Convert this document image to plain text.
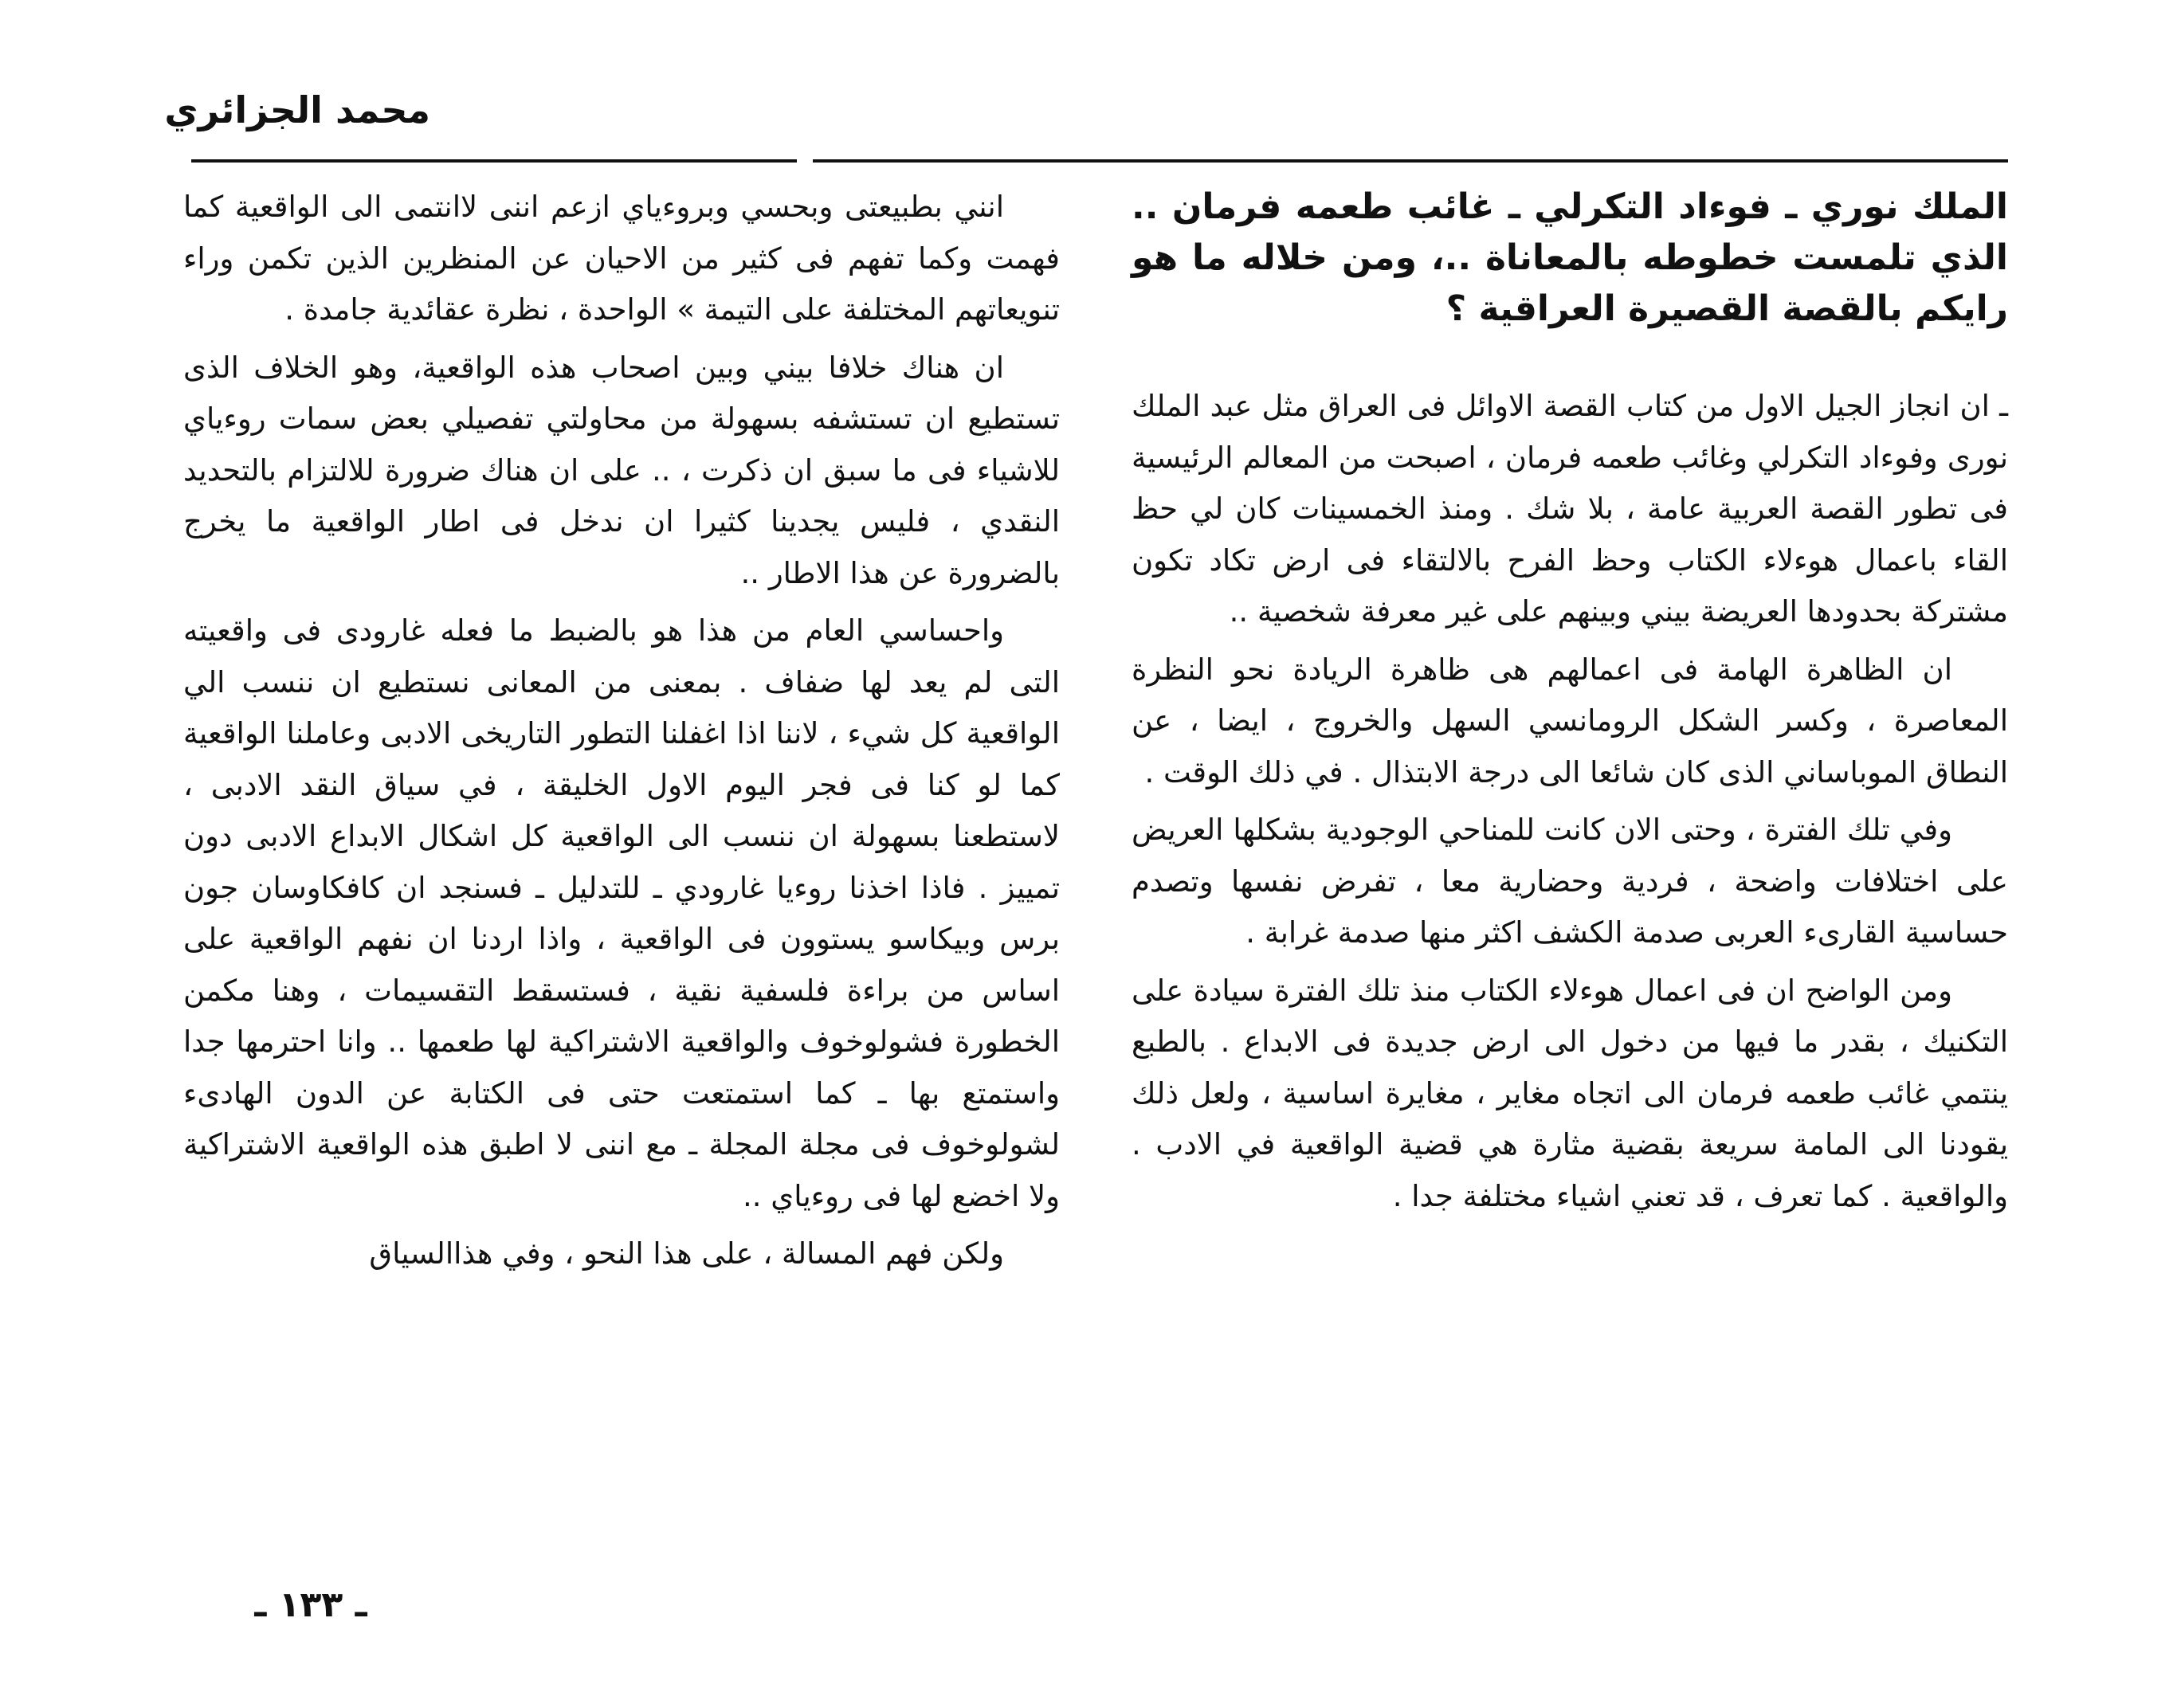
محمد الجزائري

الملك نوري ـ فوءاد التكرلي ـ غائب طعمه فرمان .. الذي تلمست خطوطه بالمعاناة ..، ومن خلاله ما هو رايكم بالقصة القصيرة العراقية ؟

ـ ان انجاز الجيل الاول من كتاب القصة الاوائل فى العراق مثل عبد الملك نورى وفوءاد التكرلي وغائب طعمه فرمان ، اصبحت من المعالم الرئيسية فى تطور القصة العربية عامة ، بلا شك . ومنذ الخمسينات كان لي حظ القاء باعمال هوءلاء الكتاب وحظ الفرح بالالتقاء فى ارض تكاد تكون مشتركة بحدودها العريضة بيني وبينهم على غير معرفة شخصية ..

ان الظاهرة الهامة فى اعمالهم هى ظاهرة الريادة نحو النظرة المعاصرة ، وكسر الشكل الرومانسي السهل والخروج ، ايضا ، عن النطاق الموباساني الذى كان شائعا الى درجة الابتذال . في ذلك الوقت .

وفي تلك الفترة ، وحتى الان كانت للمناحي الوجودية بشكلها العريض على اختلافات واضحة ، فردية وحضارية معا ، تفرض نفسها وتصدم حساسية القارىء العربى صدمة الكشف اكثر منها صدمة غرابة .

ومن الواضح ان فى اعمال هوءلاء الكتاب منذ تلك الفترة سيادة على التكنيك ، بقدر ما فيها من دخول الى ارض جديدة فى الابداع . بالطبع ينتمي غائب طعمه فرمان الى اتجاه مغاير ، مغايرة اساسية ، ولعل ذلك يقودنا الى المامة سريعة بقضية مثارة هي قضية الواقعية في الادب . والواقعية . كما تعرف ، قد تعني اشياء مختلفة جدا .

انني بطبيعتى وبحسي وبروءياي ازعم اننى لاانتمى الى الواقعية كما فهمت وكما تفهم فى كثير من الاحيان عن المنظرين الذين تكمن وراء تنويعاتهم المختلفة على التيمة » الواحدة ، نظرة عقائدية جامدة .

ان هناك خلافا بيني وبين اصحاب هذه الواقعية، وهو الخلاف الذى تستطيع ان تستشفه بسهولة من محاولتي تفصيلي بعض سمات روءياي للاشياء فى ما سبق ان ذكرت ، .. على ان هناك ضرورة للالتزام بالتحديد النقدي ، فليس يجدينا كثيرا ان ندخل فى اطار الواقعية ما يخرج بالضرورة عن هذا الاطار ..

واحساسي العام من هذا هو بالضبط ما فعله غارودى فى واقعيته التى لم يعد لها ضفاف . بمعنى من المعانى نستطيع ان ننسب الي الواقعية كل شيء ، لاننا اذا اغفلنا التطور التاريخى الادبى وعاملنا الواقعية كما لو كنا فى فجر اليوم الاول الخليقة ، في سياق النقد الادبى ، لاستطعنا بسهولة ان ننسب الى الواقعية كل اشكال الابداع الادبى دون تمييز . فاذا اخذنا روءيا غارودي ـ للتدليل ـ فسنجد ان كافكاوسان جون برس وبيكاسو يستوون فى الواقعية ، واذا اردنا ان نفهم الواقعية على اساس من براءة فلسفية نقية ، فستسقط التقسيمات ، وهنا مكمن الخطورة فشولوخوف والواقعية الاشتراكية لها طعمها .. وانا احترمها جدا واستمتع بها ـ كما استمتعت حتى فى الكتابة عن الدون الهادىء لشولوخوف فى مجلة المجلة ـ مع اننى لا اطبق هذه الواقعية الاشتراكية ولا اخضع لها فى روءياي ..

ولكن فهم المسالة ، على هذا النحو ، وفي هذاالسياق

ـ ١٣٣ ـ
